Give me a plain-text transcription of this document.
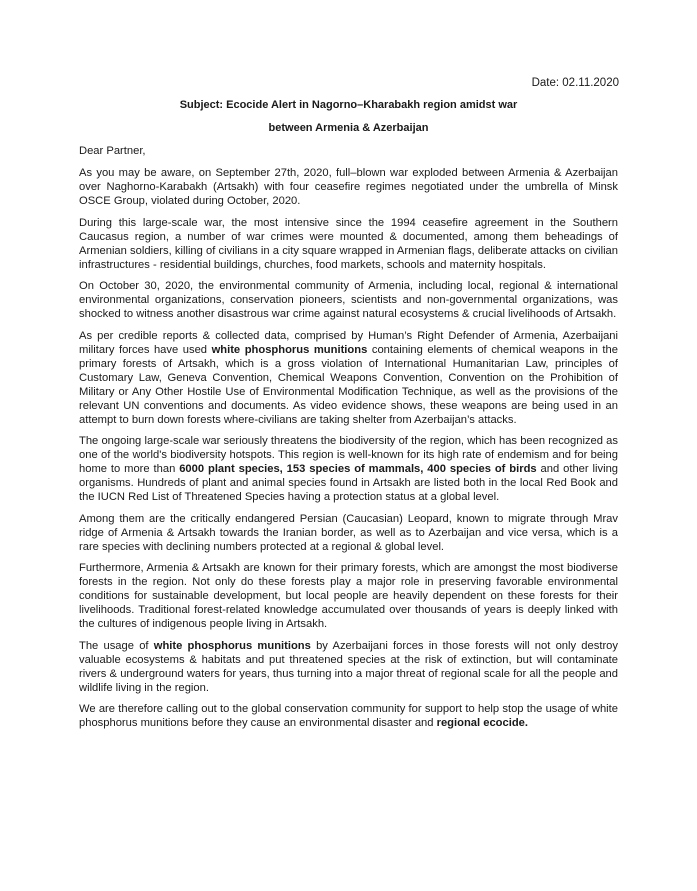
Date: 02.11.2020
Subject: Ecocide Alert in Nagorno–Kharabakh region amidst war
between Armenia & Azerbaijan

Dear Partner,

As you may be aware, on September 27th, 2020, full–blown war exploded between Armenia & Azerbaijan over Naghorno-Karabakh (Artsakh) with four ceasefire regimes negotiated under the umbrella of Minsk OSCE Group, violated during October, 2020.

During this large-scale war, the most intensive since the 1994 ceasefire agreement in the Southern Caucasus region, a number of war crimes were mounted & documented, among them beheadings of Armenian soldiers, killing of civilians in a city square wrapped in Armenian flags, deliberate attacks on civilian infrastructures - residential buildings, churches, food markets, schools and maternity hospitals.

On October 30, 2020, the environmental community of Armenia, including local, regional & international environmental organizations, conservation pioneers, scientists and non-governmental organizations, was shocked to witness another disastrous war crime against natural ecosystems & crucial livelihoods of Artsakh.

As per credible reports & collected data, comprised by Human’s Right Defender of Armenia, Azerbaijani military forces have used white phosphorus munitions containing elements of chemical weapons in the primary forests of Artsakh, which is a gross violation of International Humanitarian Law, principles of Customary Law, Geneva Convention, Chemical Weapons Convention, Convention on the Prohibition of Military or Any Other Hostile Use of Environmental Modification Technique, as well as the provisions of the relevant UN conventions and documents. As video evidence shows, these weapons are being used in an attempt to burn down forests where-civilians are taking shelter from Azerbaijan’s attacks.

The ongoing large-scale war seriously threatens the biodiversity of the region, which has been recognized as one of the world's biodiversity hotspots. This region is well-known for its high rate of endemism and for being home to more than 6000 plant species, 153 species of mammals, 400 species of birds and other living organisms. Hundreds of plant and animal species found in Artsakh are listed both in the local Red Book and the IUCN Red List of Threatened Species having a protection status at a global level.

Among them are the critically endangered Persian (Caucasian) Leopard, known to migrate through Mrav ridge of Armenia & Artsakh towards the Iranian border, as well as to Azerbaijan and vice versa, which is a rare species with declining numbers protected at a regional & global level.

Furthermore, Armenia & Artsakh are known for their primary forests, which are amongst the most biodiverse forests in the region. Not only do these forests play a major role in preserving favorable environmental conditions for sustainable development, but local people are heavily dependent on these forests for their livelihoods. Traditional forest-related knowledge accumulated over thousands of years is deeply linked with the cultures of indigenous people living in Artsakh.

The usage of white phosphorus munitions by Azerbaijani forces in those forests will not only destroy valuable ecosystems & habitats and put threatened species at the risk of extinction, but will contaminate rivers & underground waters for years, thus turning into a major threat of regional scale for all the people and wildlife living in the region.

We are therefore calling out to the global conservation community for support to help stop the usage of white phosphorus munitions before they cause an environmental disaster and regional ecocide.
